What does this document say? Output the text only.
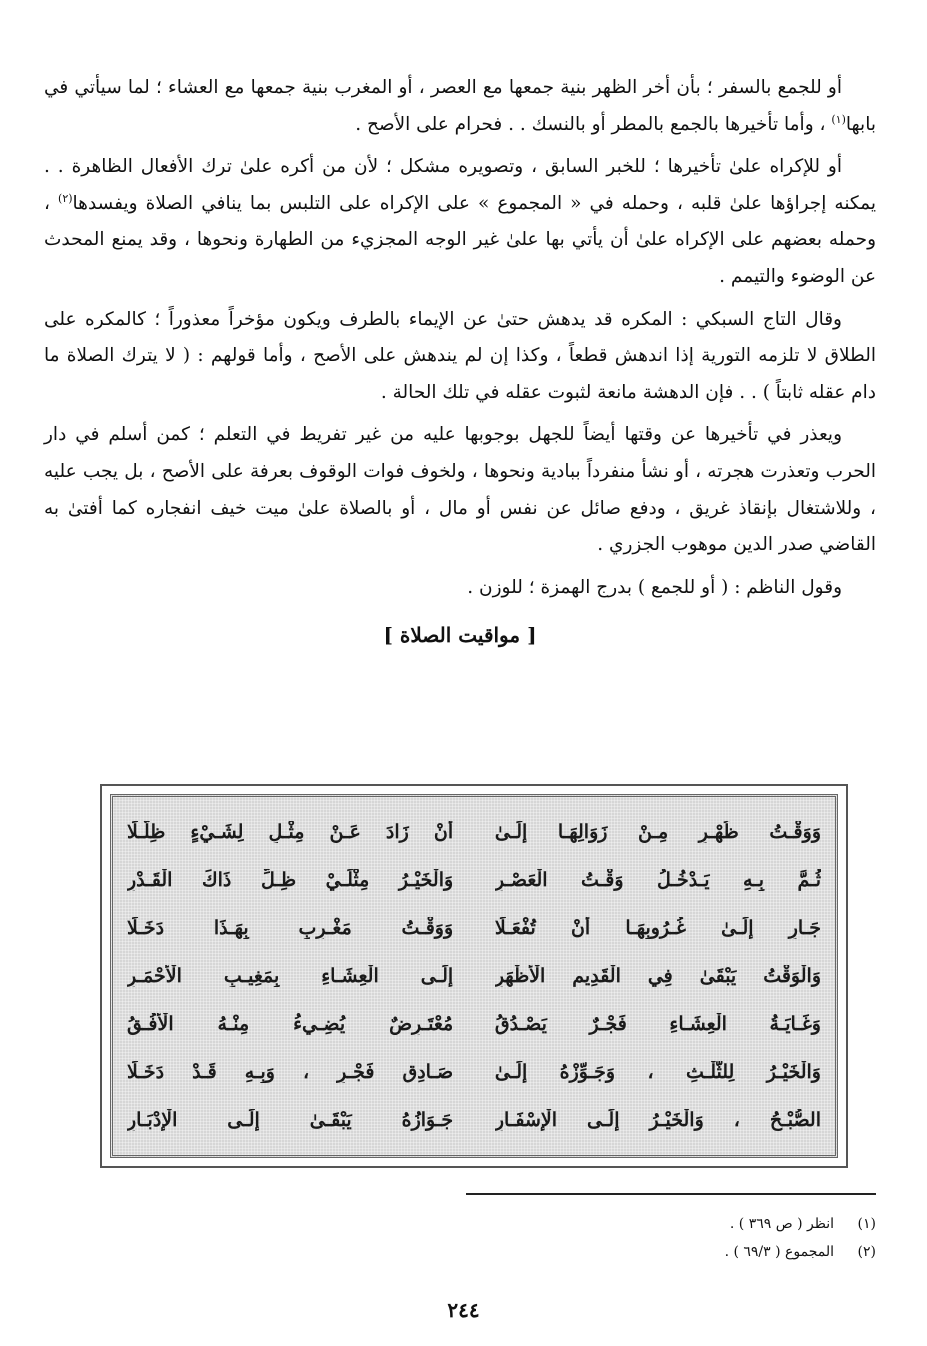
أو للجمع بالسفر ؛ بأن أخر الظهر بنية جمعها مع العصر ، أو المغرب بنية جمعها مع العشاء ؛ لما سيأتي في بابها$^{(١)}$ ، وأما تأخيرها بالجمع بالمطر أو بالنسك . . فحرام على الأصح .

أو للإكراه علىٰ تأخيرها ؛ للخبر السابق ، وتصويره مشكل ؛ لأن من أكره علىٰ ترك الأفعال الظاهرة . . يمكنه إجراؤها علىٰ قلبه ، وحمله في « المجموع » على الإكراه على التلبس بما ينافي الصلاة ويفسدها$^{(٢)}$ ، وحمله بعضهم على الإكراه علىٰ أن يأتي بها علىٰ غير الوجه المجزيء من الطهارة ونحوها ، وقد يمنع المحدث عن الوضوء والتيمم .

وقال التاج السبكي : المكره قد يدهش حتىٰ عن الإيماء بالطرف ويكون مؤخراً معذوراً ؛ كالمكره على الطلاق لا تلزمه التورية إذا اندهش قطعاً ، وكذا إن لم يندهش على الأصح ، وأما قولهم : ( لا يترك الصلاة ما دام عقله ثابتاً ) . . فإن الدهشة مانعة لثبوت عقله في تلك الحالة .

ويعذر في تأخيرها عن وقتها أيضاً للجهل بوجوبها عليه من غير تفريط في التعلم ؛ كمن أسلم في دار الحرب وتعذرت هجرته ، أو نشأ منفرداً ببادية ونحوها ، ولخوف فوات الوقوف بعرفة على الأصح ، بل يجب عليه ، وللاشتغال بإنقاذ غريق ، ودفع صائل عن نفس أو مال ، أو بالصلاة علىٰ ميت خيف انفجاره كما أفتىٰ به القاضي صدر الدين موهوب الجزري .

وقول الناظم : ( أو للجمع ) بدرج الهمزة ؛ للوزن .

[ مواقيت الصلاة ]
وَوَقْـتُ ظُهْـرٍ مِـنْ زَوَالِهَـا إِلَـىٰ
أَنْ زَادَ عَـنْ مِثْـلِ لِشَـيْءٍ ظِلَّـلَا
ثُـمَّ بِـهِ يَـدْخُـلُ وَقْـتُ الْعَصْـرِ
وَالْخَيْـرُ مِثْلَـيْ ظِـلِّ ذَاكَ الْقَـدْرِ
جَـارٍ إِلَـىٰ غُـرُوبِهَـا أَنْ تُفْعَـلَا
وَوَقْـتُ مَغْـرِبٍ بِهَـذَا دَخَـلَا
وَالْوَقْتُ يَبْقَىٰ فِي الْقَدِيمِ الْأَظْهَرِ
إِلَـى الْعِشَـاءِ بِمَغِيـبِ الْأَحْمَـرِ
وَغَـايَـةُ الْعِشَـاءِ فَجْـرٌ يَصْـدُقُ
مُعْتَـرِضٌ يُضِـيءُ مِنْـهُ الْأُفُـقُ
وَالْخَيْـرُ لِلثُّلْـثِ ، وَجَـوِّزْهُ إِلَـىٰ
صَـادِقِ فَجْـرٍ ، وَبِـهِ قَـدْ دَخَـلَا
الصُّبْـحُ ، وَالْخَيْـرُ إِلَـى الْإِسْفَـارِ
جَـوَازُهُ يَبْقَـىٰ إِلَـى الْإِدْبَـارِ
(١)
انظر ( ص ٣٦٩ ) .
(٢)
المجموع ( ٦٩/٣ ) .
٢٤٤
